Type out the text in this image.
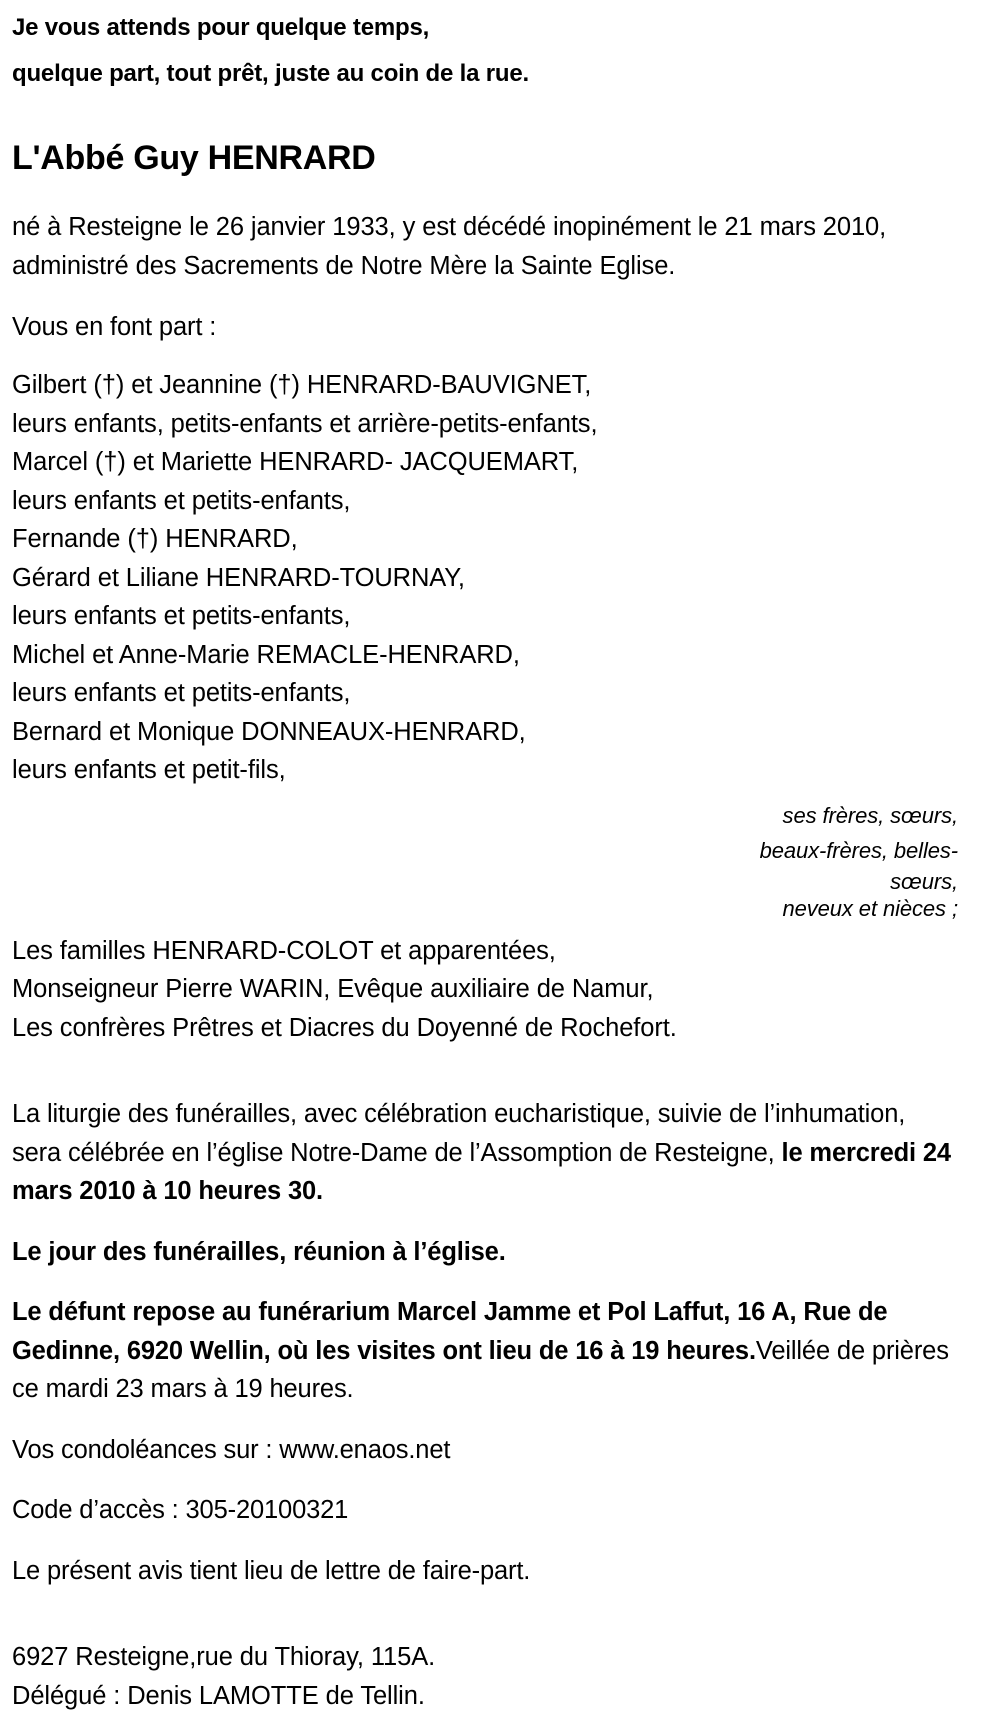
Je vous attends pour quelque temps,
quelque part, tout prêt, juste au coin de la rue.
L'Abbé Guy HENRARD
né à Resteigne le 26 janvier 1933, y est décédé inopinément le 21 mars 2010, administré des Sacrements de Notre Mère la Sainte Eglise.
Vous en font part :
Gilbert (†) et Jeannine (†) HENRARD-BAUVIGNET,
leurs enfants, petits-enfants et arrière-petits-enfants,
Marcel (†) et Mariette HENRARD- JACQUEMART,
leurs enfants et petits-enfants,
Fernande (†) HENRARD,
Gérard et Liliane HENRARD-TOURNAY,
leurs enfants et petits-enfants,
Michel et Anne-Marie REMACLE-HENRARD,
leurs enfants et petits-enfants,
Bernard et Monique DONNEAUX-HENRARD,
leurs enfants et petit-fils,
ses frères, sœurs,
beaux-frères, belles-
sœurs,
neveux et nièces ;
Les familles HENRARD-COLOT et apparentées,
Monseigneur Pierre WARIN, Evêque auxiliaire de Namur,
Les confrères Prêtres et Diacres du Doyenné de Rochefort.
La liturgie des funérailles, avec célébration eucharistique, suivie de l’inhumation, sera célébrée en l’église Notre-Dame de l’Assomption de Resteigne, le mercredi 24 mars 2010 à 10 heures 30.
Le jour des funérailles, réunion à l’église.
Le défunt repose au funérarium Marcel Jamme et Pol Laffut, 16 A, Rue de Gedinne, 6920 Wellin, où les visites ont lieu de 16 à 19 heures.Veillée de prières ce mardi 23 mars à 19 heures.
Vos condoléances sur : www.enaos.net
Code d’accès : 305-20100321
Le présent avis tient lieu de lettre de faire-part.
6927 Resteigne,rue du Thioray, 115A.
Délégué : Denis LAMOTTE de Tellin.
